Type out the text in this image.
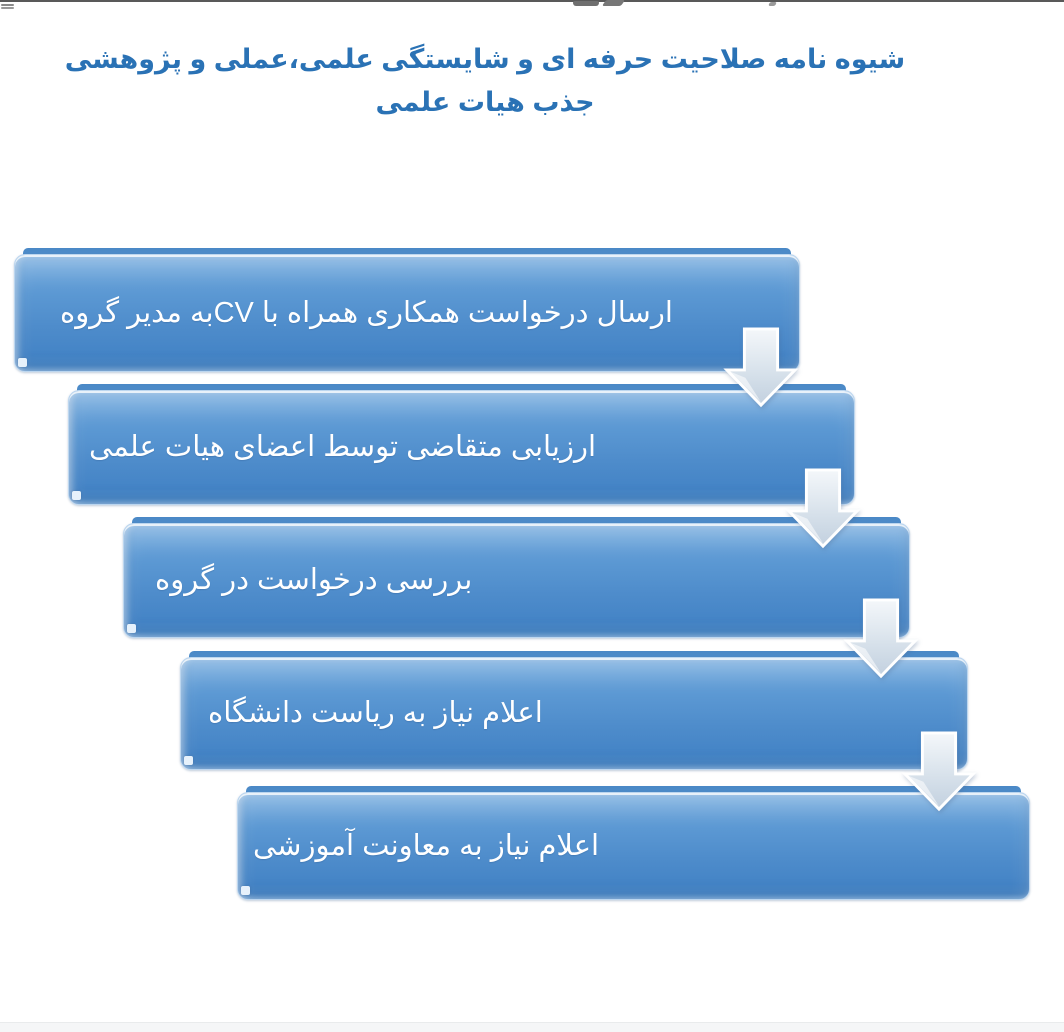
شیوه نامه صلاحیت حرفه ای و شایستگی علمی،عملی و پژوهشی جذب هیات علمی
ارسال درخواست همکاری همراه با CVبه مدیر گروه
ارزیابی متقاضی توسط اعضای هیات علمی
بررسی درخواست در گروه
اعلام نیاز به ریاست دانشگاه
اعلام نیاز به معاونت آموزشی
